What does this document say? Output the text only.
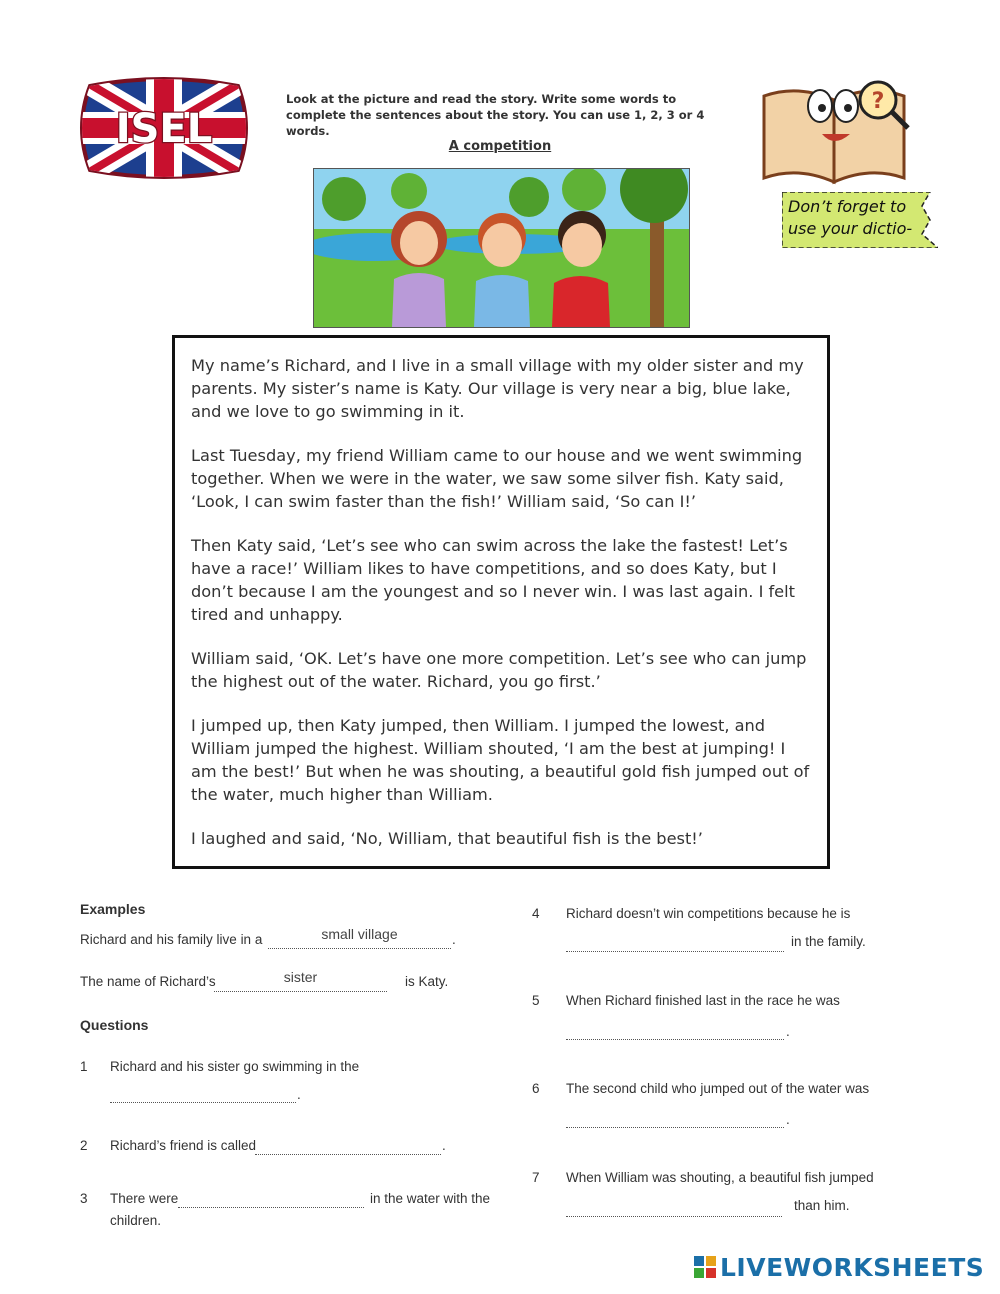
ISEL
Look at the picture and read the story. Write some words to complete the sentences about the story. You can use 1, 2, 3 or 4 words.
A competition
?
Don’t forget to use your dictio-

My name’s Richard, and I live in a small village with my older sister and my parents. My sister’s name is Katy. Our village is very near a big, blue lake, and we love to go swimming in it.

Last Tuesday, my friend William came to our house and we went swimming together. When we were in the water, we saw some silver fish. Katy said, ‘Look, I can swim faster than the fish!’ William said, ‘So can I!’

Then Katy said, ‘Let’s see who can swim across the lake the fastest! Let’s have a race!’ William likes to have competitions, and so does Katy, but I don’t because I am the youngest and so I never win. I was last again. I felt tired and unhappy.

William said, ‘OK. Let’s have one more competition. Let’s see who can jump the highest out of the water. Richard, you go first.’

I jumped up, then Katy jumped, then William. I jumped the lowest, and William jumped the highest. William shouted, ‘I am the best at jumping! I am the best!’ But when he was shouting, a beautiful gold fish jumped out of the water, much higher than William.

I laughed and said, ‘No, William, that beautiful fish is the best!’

Examples
Richard and his family live in a	small village	.
The name of Richard’s	sister	is Katy.
Questions
1 Richard and his sister go swimming in the
.
2 Richard’s friend is called	.
3 There were	in the water with the
children.
4 Richard doesn’t win competitions because he is
in the family.
5 When Richard finished last in the race he was
.
6 The second child who jumped out of the water was
.
7 When William was shouting, a beautiful fish jumped
than him.
LIVEWORKSHEETS
